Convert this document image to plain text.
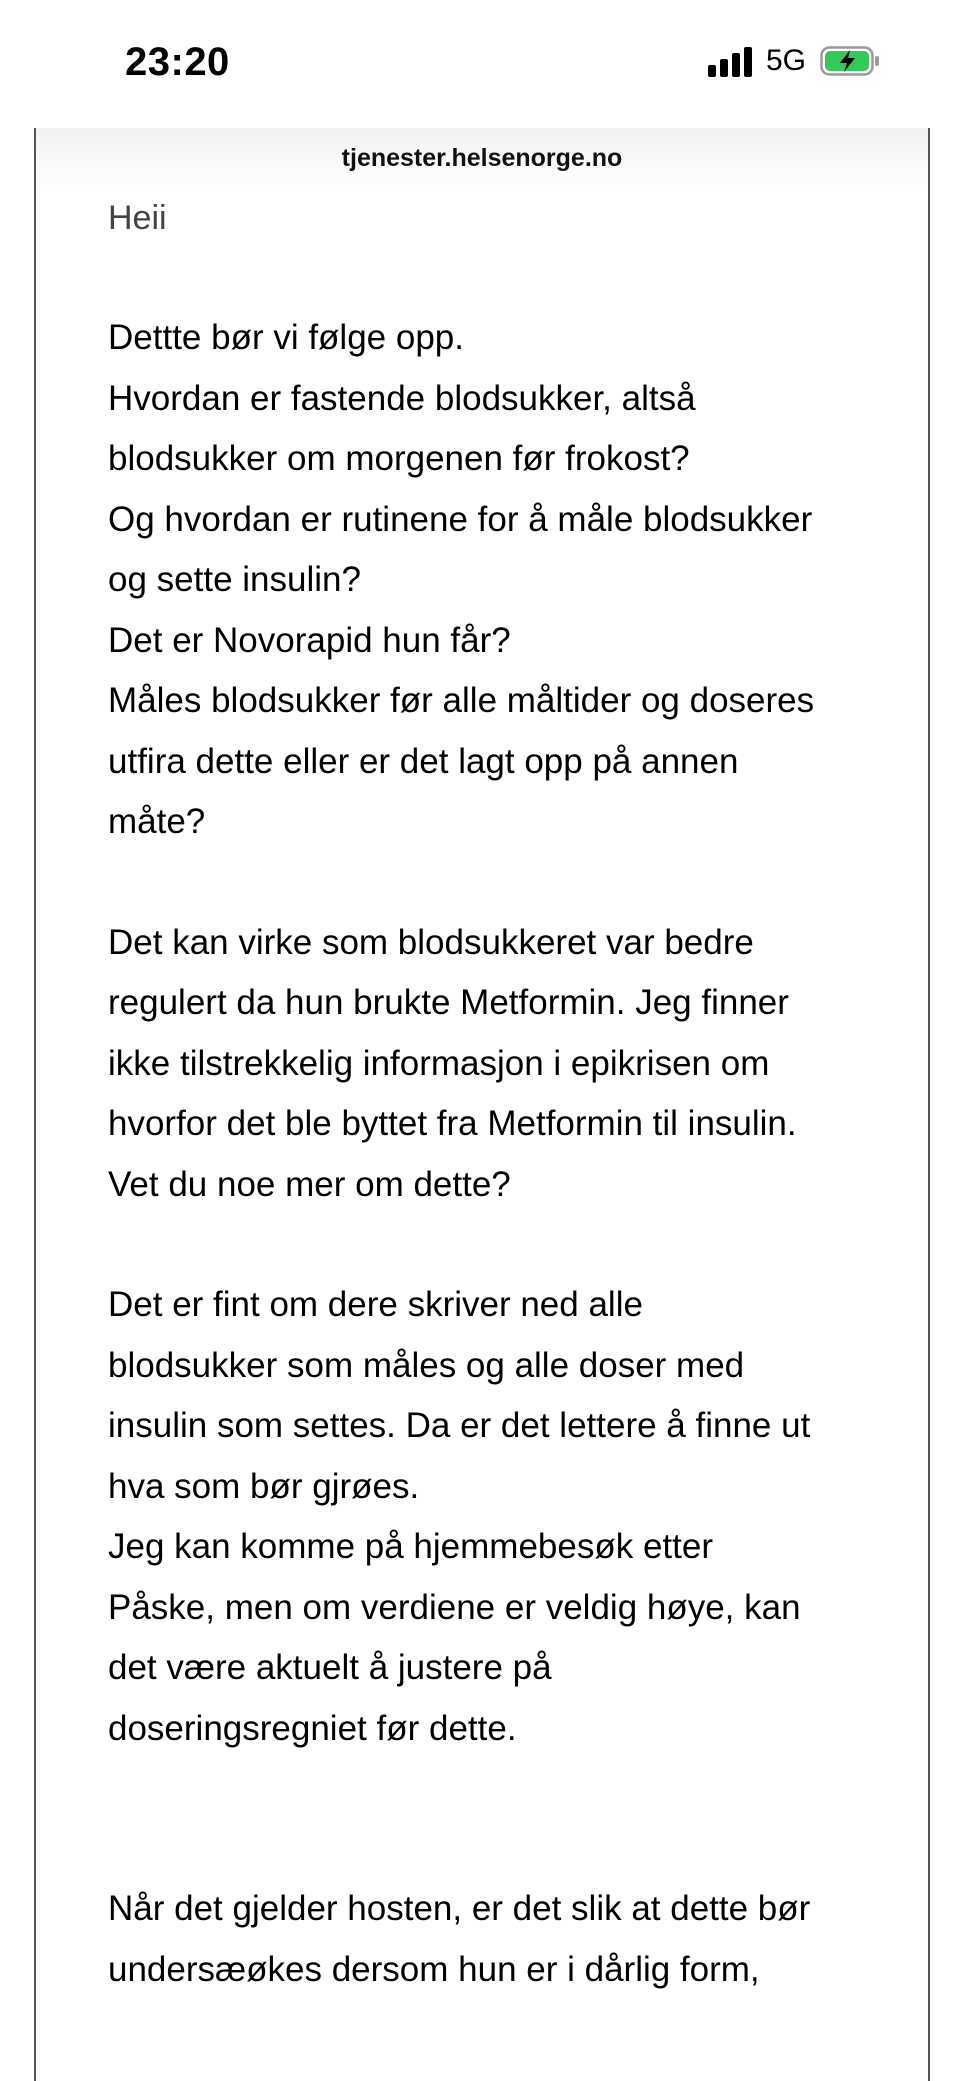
23:20	5G
tjenester.helsenorge.no

Heii

Dettte bør vi følge opp.
Hvordan er fastende blodsukker, altså
blodsukker om morgenen før frokost?
Og hvordan er rutinene for å måle blodsukker
og sette insulin?
Det er Novorapid hun får?
Måles blodsukker før alle måltider og doseres
utfira dette eller er det lagt opp på annen
måte?

Det kan virke som blodsukkeret var bedre
regulert da hun brukte Metformin. Jeg finner
ikke tilstrekkelig informasjon i epikrisen om
hvorfor det ble byttet fra Metformin til insulin.
Vet du noe mer om dette?

Det er fint om dere skriver ned alle
blodsukker som måles og alle doser med
insulin som settes. Da er det lettere å finne ut
hva som bør gjrøes.
Jeg kan komme på hjemmebesøk etter
Påske, men om verdiene er veldig høye, kan
det være aktuelt å justere på
doseringsregniet før dette.

Når det gjelder hosten, er det slik at dette bør
undersæøkes dersom hun er i dårlig form,
